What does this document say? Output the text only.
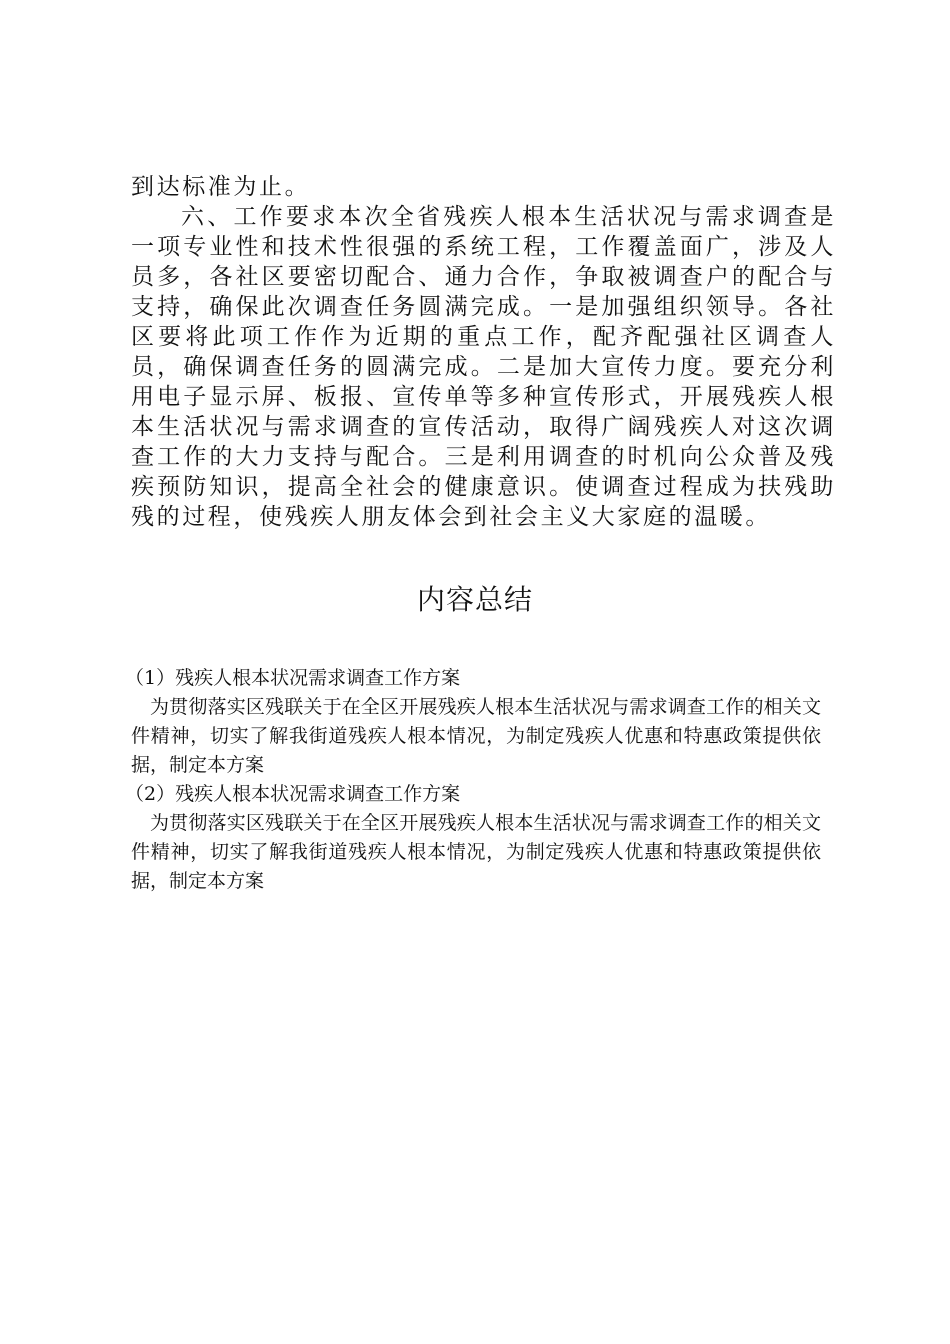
到达标准为止。

六、工作要求本次全省残疾人根本生活状况与需求调查是一项专业性和技术性很强的系统工程，工作覆盖面广，涉及人员多，各社区要密切配合、通力合作，争取被调查户的配合与支持，确保此次调查任务圆满完成。一是加强组织领导。各社区要将此项工作作为近期的重点工作，配齐配强社区调查人员，确保调查任务的圆满完成。二是加大宣传力度。要充分利用电子显示屏、板报、宣传单等多种宣传形式，开展残疾人根本生活状况与需求调查的宣传活动，取得广阔残疾人对这次调查工作的大力支持与配合。三是利用调查的时机向公众普及残疾预防知识，提高全社会的健康意识。使调查过程成为扶残助残的过程，使残疾人朋友体会到社会主义大家庭的温暖。

内容总结

（1）残疾人根本状况需求调查工作方案

为贯彻落实区残联关于在全区开展残疾人根本生活状况与需求调查工作的相关文件精神，切实了解我街道残疾人根本情况，为制定残疾人优惠和特惠政策提供依据，制定本方案

（2）残疾人根本状况需求调查工作方案

为贯彻落实区残联关于在全区开展残疾人根本生活状况与需求调查工作的相关文件精神，切实了解我街道残疾人根本情况，为制定残疾人优惠和特惠政策提供依据，制定本方案
